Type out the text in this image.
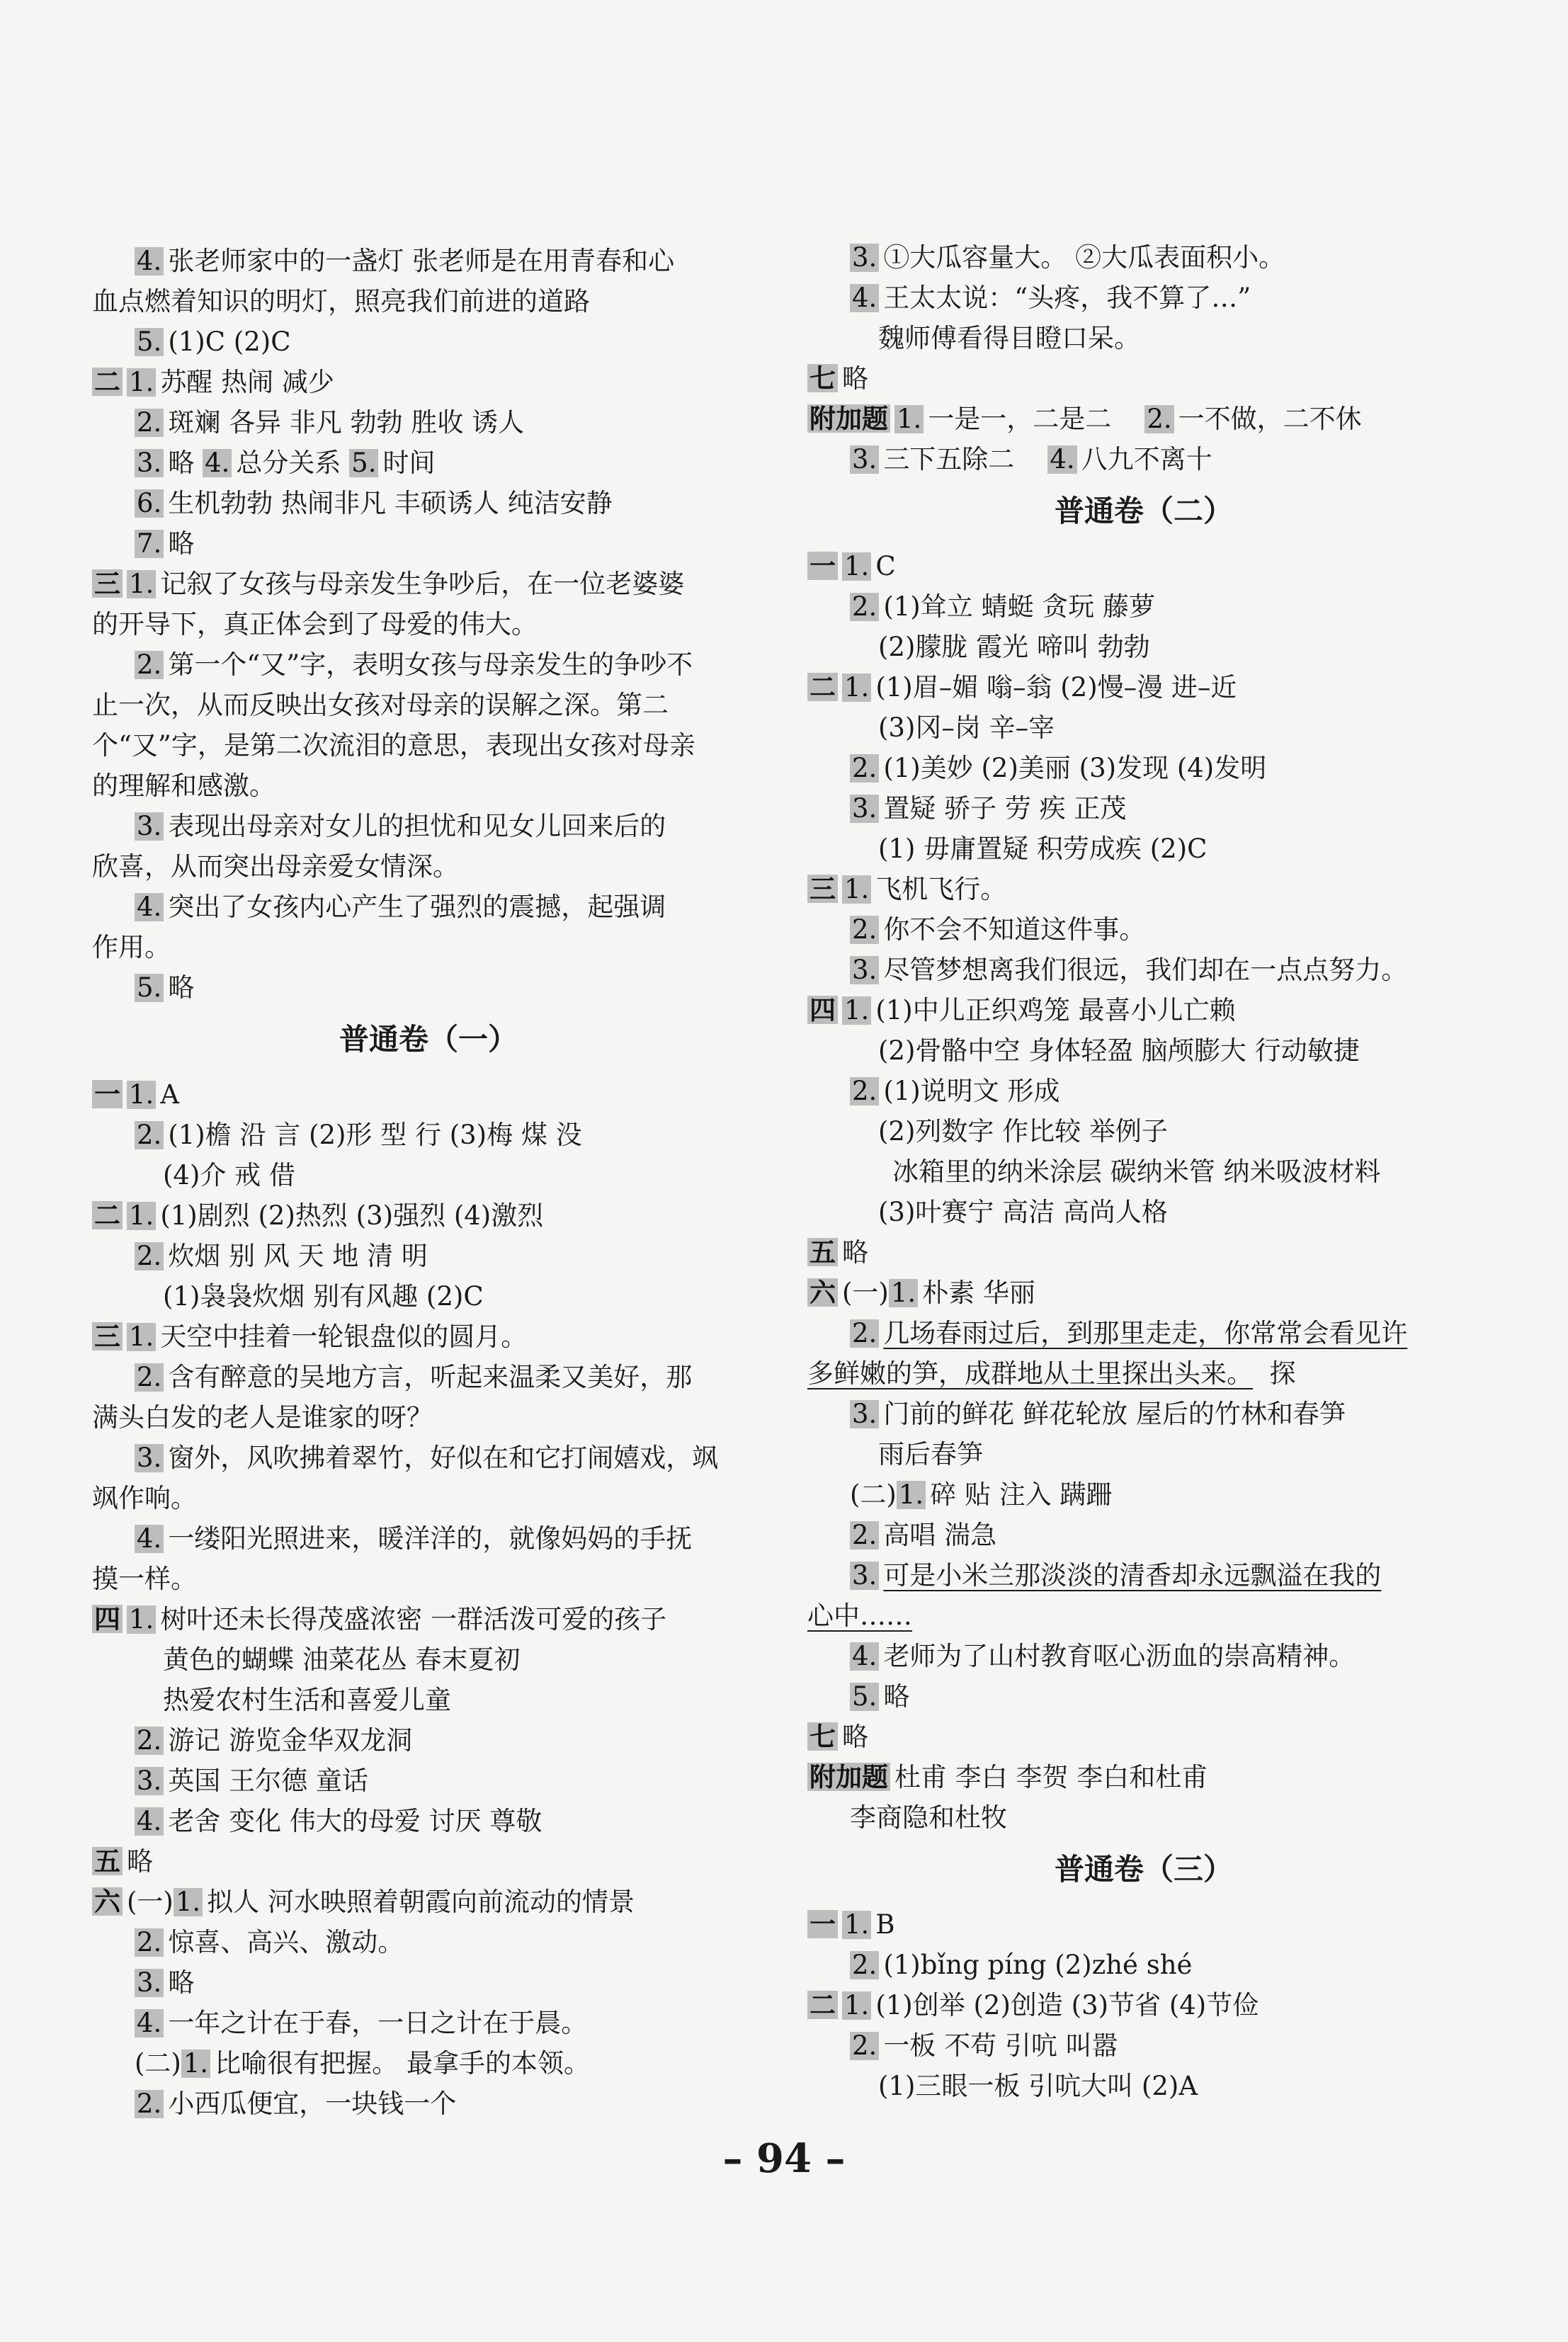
4. 张老师家中的一盏灯 张老师是在用青春和心
血点燃着知识的明灯，照亮我们前进的道路
5. (1)C (2)C
二 1. 苏醒 热闹 减少
2. 斑斓 各异 非凡 勃勃 胜收 诱人
3. 略 4. 总分关系 5. 时间
6. 生机勃勃 热闹非凡 丰硕诱人 纯洁安静
7. 略
三 1. 记叙了女孩与母亲发生争吵后，在一位老婆婆
的开导下，真正体会到了母爱的伟大。
2. 第一个“又”字，表明女孩与母亲发生的争吵不
止一次，从而反映出女孩对母亲的误解之深。第二
个“又”字，是第二次流泪的意思，表现出女孩对母亲
的理解和感激。
3. 表现出母亲对女儿的担忧和见女儿回来后的
欣喜，从而突出母亲爱女情深。
4. 突出了女孩内心产生了强烈的震撼，起强调
作用。
5. 略
普通卷（一）
一 1. A
2. (1)檐 沿 言 (2)形 型 行 (3)梅 煤 没
(4)介 戒 借
二 1. (1)剧烈 (2)热烈 (3)强烈 (4)激烈
2. 炊烟 别 风 天 地 清 明
(1)袅袅炊烟 别有风趣 (2)C
三 1. 天空中挂着一轮银盘似的圆月。
2. 含有醉意的吴地方言，听起来温柔又美好，那
满头白发的老人是谁家的呀？
3. 窗外，风吹拂着翠竹，好似在和它打闹嬉戏，飒
飒作响。
4. 一缕阳光照进来，暖洋洋的，就像妈妈的手抚
摸一样。
四 1. 树叶还未长得茂盛浓密 一群活泼可爱的孩子
黄色的蝴蝶 油菜花丛 春末夏初
热爱农村生活和喜爱儿童
2. 游记 游览金华双龙洞
3. 英国 王尔德 童话
4. 老舍 变化 伟大的母爱 讨厌 尊敬
五 略
六 (一)1. 拟人 河水映照着朝霞向前流动的情景
2. 惊喜、高兴、激动。
3. 略
4. 一年之计在于春，一日之计在于晨。
(二)1. 比喻很有把握。 最拿手的本领。
2. 小西瓜便宜，一块钱一个
3. ①大瓜容量大。 ②大瓜表面积小。
4. 王太太说：“头疼，我不算了…”
魏师傅看得目瞪口呆。
七 略
附加题 1. 一是一，二是二 2. 一不做，二不休
3. 三下五除二 4. 八九不离十
普通卷（二）
一 1. C
2. (1)耸立 蜻蜓 贪玩 藤萝
(2)朦胧 霞光 啼叫 勃勃
二 1. (1)眉–媚 嗡–翁 (2)慢–漫 进–近
(3)冈–岗 辛–宰
2. (1)美妙 (2)美丽 (3)发现 (4)发明
3. 置疑 骄子 劳 疾 正茂
(1) 毋庸置疑 积劳成疾 (2)C
三 1. 飞机飞行。
2. 你不会不知道这件事。
3. 尽管梦想离我们很远，我们却在一点点努力。
四 1. (1)中儿正织鸡笼 最喜小儿亡赖
(2)骨骼中空 身体轻盈 脑颅膨大 行动敏捷
2. (1)说明文 形成
(2)列数字 作比较 举例子
冰箱里的纳米涂层 碳纳米管 纳米吸波材料
(3)叶赛宁 高洁 高尚人格
五 略
六 (一)1. 朴素 华丽
2. 几场春雨过后，到那里走走，你常常会看见许
多鲜嫩的笋，成群地从土里探出头来。 探
3. 门前的鲜花 鲜花轮放 屋后的竹林和春笋
雨后春笋
(二)1. 碎 贴 注入 蹒跚
2. 高唱 湍急
3. 可是小米兰那淡淡的清香却永远飘溢在我的
心中……
4. 老师为了山村教育呕心沥血的崇高精神。
5. 略
七 略
附加题 杜甫 李白 李贺 李白和杜甫
李商隐和杜牧
普通卷（三）
一 1. B
2. (1)bǐng píng (2)zhé shé
二 1. (1)创举 (2)创造 (3)节省 (4)节俭
2. 一板 不苟 引吭 叫嚣
(1)三眼一板 引吭大叫 (2)A
– 94 –
